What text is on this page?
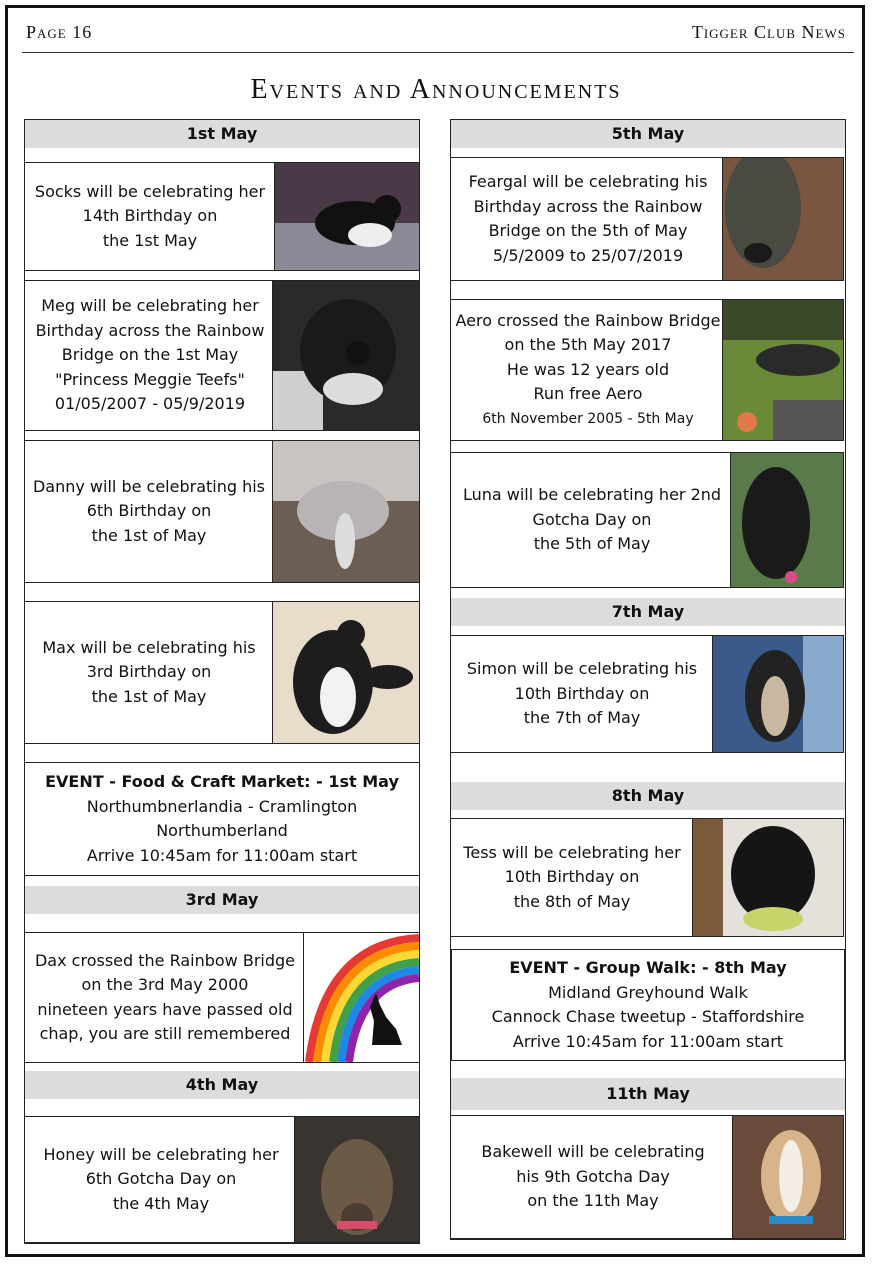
Page 16	Tigger Club News
Events and Announcements
1st May
Socks will be celebrating her
14th Birthday on
the 1st May
Meg will be celebrating her
Birthday across the Rainbow
Bridge on the 1st May
"Princess Meggie Teefs"
01/05/2007 - 05/9/2019
Danny will be celebrating his
6th Birthday on
the 1st of May
Max will be celebrating his
3rd Birthday on
the 1st of May
EVENT - Food & Craft Market: - 1st May
Northumbnerlandia - Cramlington
Northumberland
Arrive 10:45am for 11:00am start
3rd May
Dax crossed the Rainbow Bridge
on the 3rd May 2000
nineteen years have passed old
chap, you are still remembered
4th May
Honey will be celebrating her
6th Gotcha Day on
the 4th May
5th May
Feargal will be celebrating his
Birthday across the Rainbow
Bridge on the 5th of May
5/5/2009 to 25/07/2019
Aero crossed the Rainbow Bridge
on the 5th May 2017
He was 12 years old
Run free Aero
6th November 2005 - 5th May
Luna will be celebrating her 2nd
Gotcha Day on
the 5th of May
7th May
Simon will be celebrating his
10th Birthday on
the 7th of May
8th May
Tess will be celebrating her
10th Birthday on
the 8th of May
EVENT - Group Walk: - 8th May
Midland Greyhound Walk
Cannock Chase tweetup - Staffordshire
Arrive 10:45am for 11:00am start
11th May
Bakewell will be celebrating
his 9th Gotcha Day
on the 11th May
